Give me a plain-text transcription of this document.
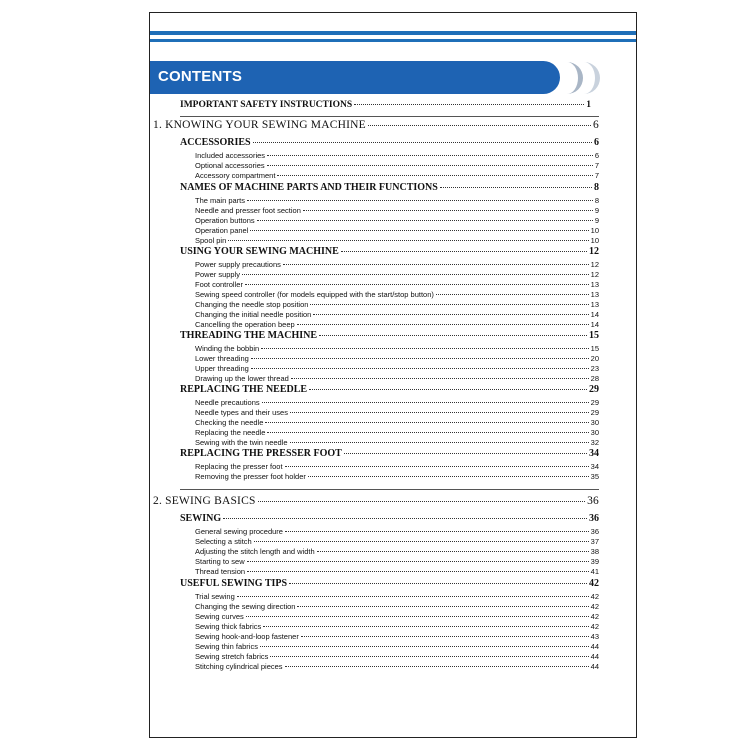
CONTENTS
IMPORTANT SAFETY INSTRUCTIONS	1
1. KNOWING YOUR SEWING MACHINE	6
ACCESSORIES	6
Included accessories	6
Optional accessories	7
Accessory compartment	7
NAMES OF MACHINE PARTS AND THEIR FUNCTIONS	8
The main parts	8
Needle and presser foot section	9
Operation buttons	9
Operation panel	10
Spool pin	10
USING YOUR SEWING MACHINE	12
Power supply precautions	12
Power supply	12
Foot controller	13
Sewing speed controller (for models equipped with the start/stop button)	13
Changing the needle stop position	13
Changing the initial needle position	14
Cancelling the operation beep	14
THREADING THE MACHINE	15
Winding the bobbin	15
Lower threading	20
Upper threading	23
Drawing up the lower thread	28
REPLACING THE NEEDLE	29
Needle precautions	29
Needle types and their uses	29
Checking the needle	30
Replacing the needle	30
Sewing with the twin needle	32
REPLACING THE PRESSER FOOT	34
Replacing the presser foot	34
Removing the presser foot holder	35
2. SEWING BASICS	36
SEWING	36
General sewing procedure	36
Selecting a stitch	37
Adjusting the stitch length and width	38
Starting to sew	39
Thread tension	41
USEFUL SEWING TIPS	42
Trial sewing	42
Changing the sewing direction	42
Sewing curves	42
Sewing thick fabrics	42
Sewing hook-and-loop fastener	43
Sewing thin fabrics	44
Sewing stretch fabrics	44
Stitching cylindrical pieces	44
